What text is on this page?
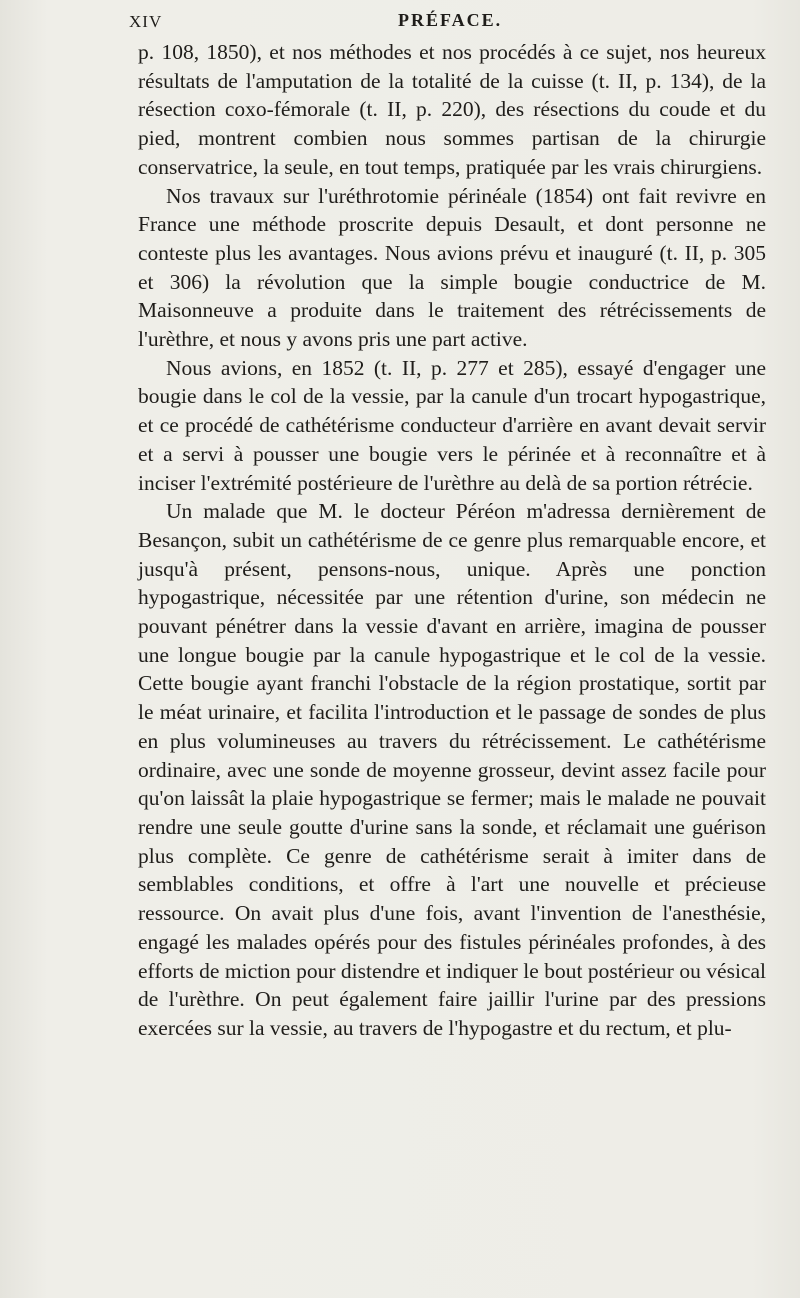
XIV	PRÉFACE.

p. 108, 1850), et nos méthodes et nos procédés à ce sujet, nos heureux résultats de l'amputation de la totalité de la cuisse (t. II, p. 134), de la résection coxo-fémorale (t. II, p. 220), des résections du coude et du pied, montrent combien nous sommes partisan de la chirurgie conservatrice, la seule, en tout temps, pratiquée par les vrais chirurgiens.

Nos travaux sur l'uréthrotomie périnéale (1854) ont fait revivre en France une méthode proscrite depuis Desault, et dont personne ne conteste plus les avantages. Nous avions prévu et inauguré (t. II, p. 305 et 306) la révolution que la simple bougie conductrice de M. Maisonneuve a produite dans le traitement des rétrécissements de l'urèthre, et nous y avons pris une part active.

Nous avions, en 1852 (t. II, p. 277 et 285), essayé d'engager une bougie dans le col de la vessie, par la canule d'un trocart hypogastrique, et ce procédé de cathétérisme conducteur d'arrière en avant devait servir et a servi à pousser une bougie vers le périnée et à reconnaître et à inciser l'extrémité postérieure de l'urèthre au delà de sa portion rétrécie.

Un malade que M. le docteur Péréon m'adressa dernièrement de Besançon, subit un cathétérisme de ce genre plus remarquable encore, et jusqu'à présent, pensons-nous, unique. Après une ponction hypogastrique, nécessitée par une rétention d'urine, son médecin ne pouvant pénétrer dans la vessie d'avant en arrière, imagina de pousser une longue bougie par la canule hypogastrique et le col de la vessie. Cette bougie ayant franchi l'obstacle de la région prostatique, sortit par le méat urinaire, et facilita l'introduction et le passage de sondes de plus en plus volumineuses au travers du rétrécissement. Le cathétérisme ordinaire, avec une sonde de moyenne grosseur, devint assez facile pour qu'on laissât la plaie hypogastrique se fermer; mais le malade ne pouvait rendre une seule goutte d'urine sans la sonde, et réclamait une guérison plus complète. Ce genre de cathétérisme serait à imiter dans de semblables conditions, et offre à l'art une nouvelle et précieuse ressource. On avait plus d'une fois, avant l'invention de l'anesthésie, engagé les malades opérés pour des fistules périnéales profondes, à des efforts de miction pour distendre et indiquer le bout postérieur ou vésical de l'urèthre. On peut également faire jaillir l'urine par des pressions exercées sur la vessie, au travers de l'hypogastre et du rectum, et plu-
